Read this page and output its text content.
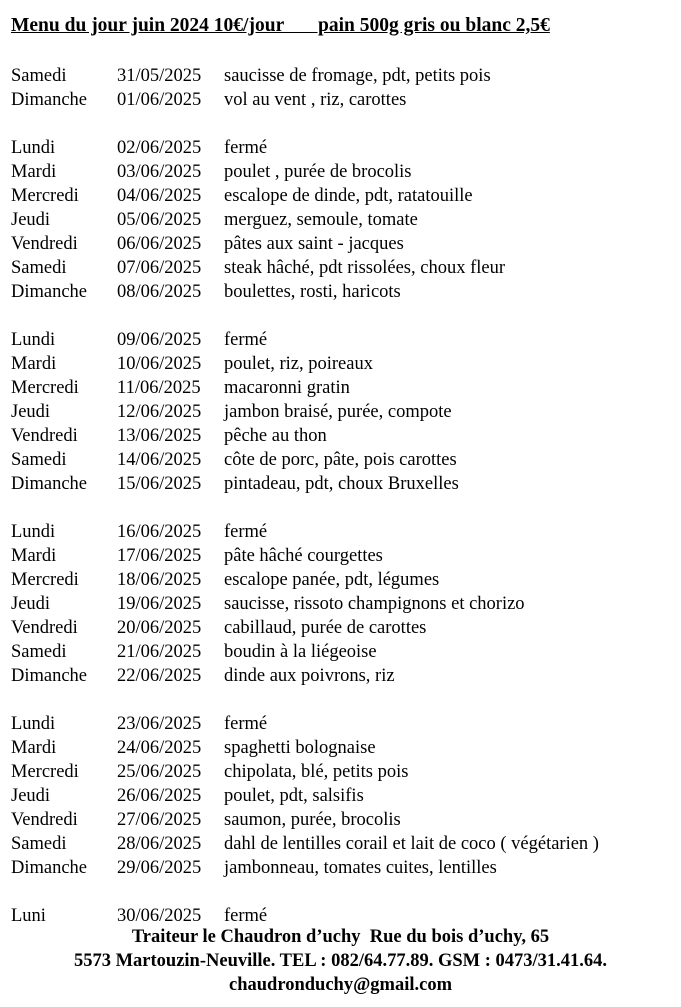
Menu du jour juin 2024 10€/jour       pain 500g gris ou blanc 2,5€
Samedi	31/05/2025 saucisse de fromage, pdt, petits pois
Dimanche 01/06/2025 vol au vent , riz, carottes
Lundi	02/06/2025 fermé
Mardi	03/06/2025 poulet , purée de brocolis
Mercredi 04/06/2025 escalope de dinde, pdt, ratatouille
Jeudi	05/06/2025 merguez, semoule, tomate
Vendredi 06/06/2025 pâtes aux saint - jacques
Samedi	07/06/2025 steak hâché, pdt rissolées, choux fleur
Dimanche 08/06/2025 boulettes, rosti, haricots
Lundi	09/06/2025 fermé
Mardi	10/06/2025 poulet, riz, poireaux
Mercredi 11/06/2025 macaronni gratin
Jeudi	12/06/2025 jambon braisé, purée, compote
Vendredi 13/06/2025 pêche au thon
Samedi	14/06/2025 côte de porc, pâte, pois carottes
Dimanche 15/06/2025 pintadeau, pdt, choux Bruxelles
Lundi	16/06/2025 fermé
Mardi	17/06/2025 pâte hâché courgettes
Mercredi 18/06/2025 escalope panée, pdt, légumes
Jeudi	19/06/2025 saucisse, rissoto champignons et chorizo
Vendredi 20/06/2025 cabillaud, purée de carottes
Samedi	21/06/2025 boudin à la liégeoise
Dimanche 22/06/2025 dinde aux poivrons, riz
Lundi	23/06/2025 fermé
Mardi	24/06/2025 spaghetti bolognaise
Mercredi 25/06/2025 chipolata, blé, petits pois
Jeudi	26/06/2025 poulet, pdt, salsifis
Vendredi 27/06/2025 saumon, purée, brocolis
Samedi	28/06/2025 dahl de lentilles corail et lait de coco ( végétarien )
Dimanche 29/06/2025 jambonneau, tomates cuites, lentilles
Luni	30/06/2025 fermé
Traiteur le Chaudron d’uchy  Rue du bois d’uchy, 65
5573 Martouzin-Neuville. TEL : 082/64.77.89. GSM : 0473/31.41.64.
chaudronduchy@gmail.com
